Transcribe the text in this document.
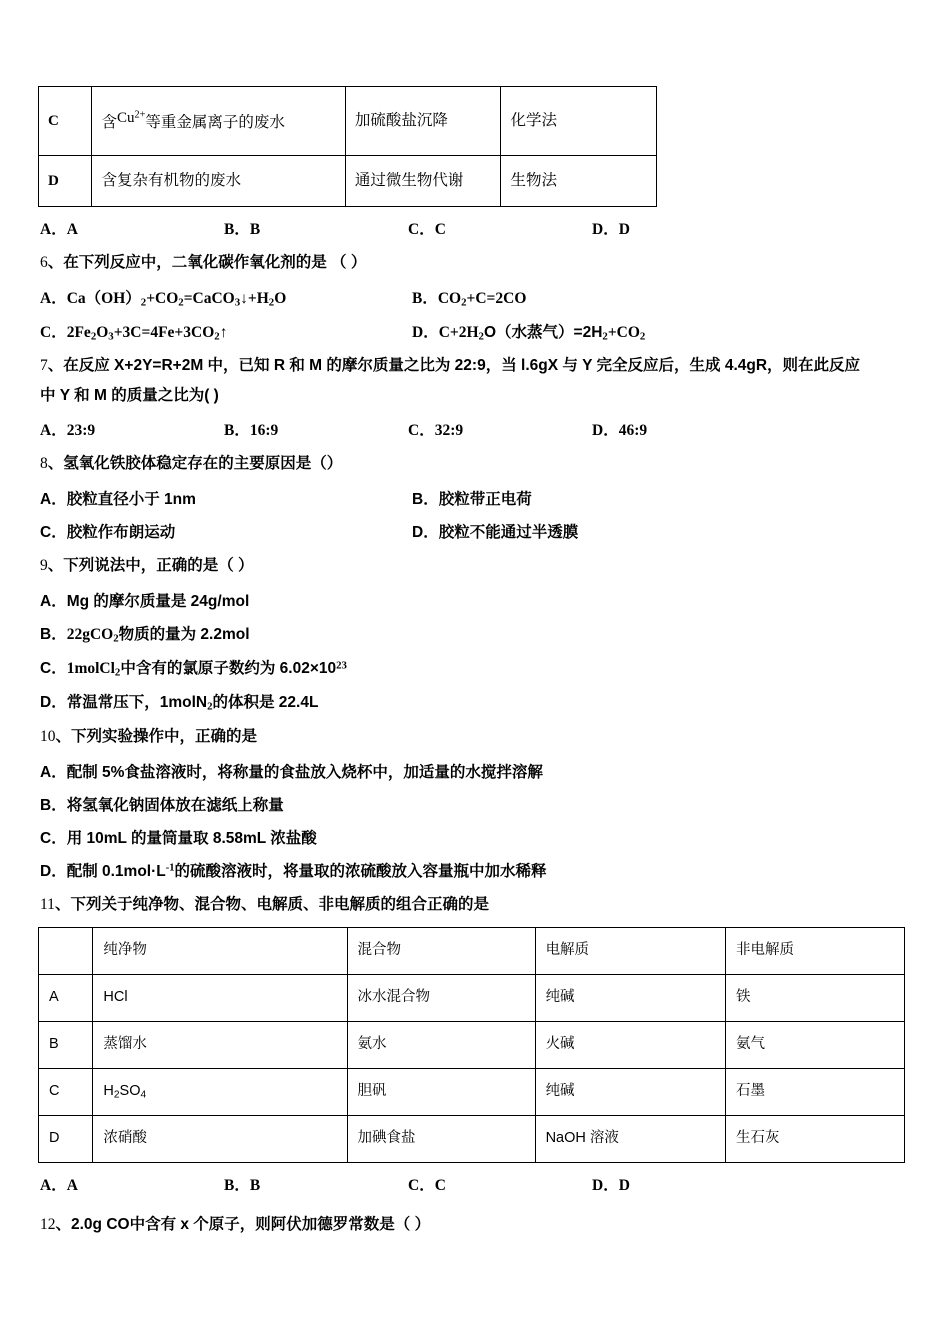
C	含$Cu^{2+}$等重金属离子的废水	加硫酸盐沉降	化学法
D	含复杂有机物的废水	通过微生物代谢	生物法
A．A	B．B	C．C	D．D
6、在下列反应中，二氧化碳作氧化剂的是 （ ）
A．$Ca(OH)_2+CO_2=CaCO_3↓+H_2O$	B．$CO_2+C=2CO$
C．$2Fe_2O_3+3C=4Fe+3CO_2↑$	D．$C+2H_2O$（水蒸气）$=2H_2+CO_2$
7、在反应 X+2Y=R+2M 中，已知 R 和 M 的摩尔质量之比为 22:9，当 l.6gX 与 Y 完全反应后，生成 4.4gR，则在此反应
中 Y 和 M 的质量之比为( )
A．23:9	B．16:9	C．32:9	D．46:9
8、氢氧化铁胶体稳定存在的主要原因是（）
A．胶粒直径小于 1nm	B．胶粒带正电荷
C．胶粒作布朗运动	D．胶粒不能通过半透膜
9、下列说法中，正确的是（ ）
A．Mg 的摩尔质量是 24g/mol
B．22gCO$_2$物质的量为 2.2mol
C．1molCl$_2$中含有的氯原子数约为 $6.02\times 10^{23}$
D．常温常压下，1molN$_2$的体积是 22.4L
10、下列实验操作中，正确的是
A．配制 5%食盐溶液时，将称量的食盐放入烧杯中，加适量的水搅拌溶解
B．将氢氧化钠固体放在滤纸上称量
C．用 10mL 的量筒量取 8.58mL 浓盐酸
D．配制 $0.1mol\cdot L^{-1}$的硫酸溶液时，将量取的浓硫酸放入容量瓶中加水稀释
11、下列关于纯净物、混合物、电解质、非电解质的组合正确的是
	纯净物	混合物	电解质	非电解质
A	HCl	冰水混合物	纯碱	铁
B	蒸馏水	氨水	火碱	氨气
C	$H_2SO_4$	胆矾	纯碱	石墨
D	浓硝酸	加碘食盐	NaOH 溶液	生石灰
A．A	B．B	C．C	D．D
12、2.0g CO中含有 x 个原子，则阿伏加德罗常数是（ ）
